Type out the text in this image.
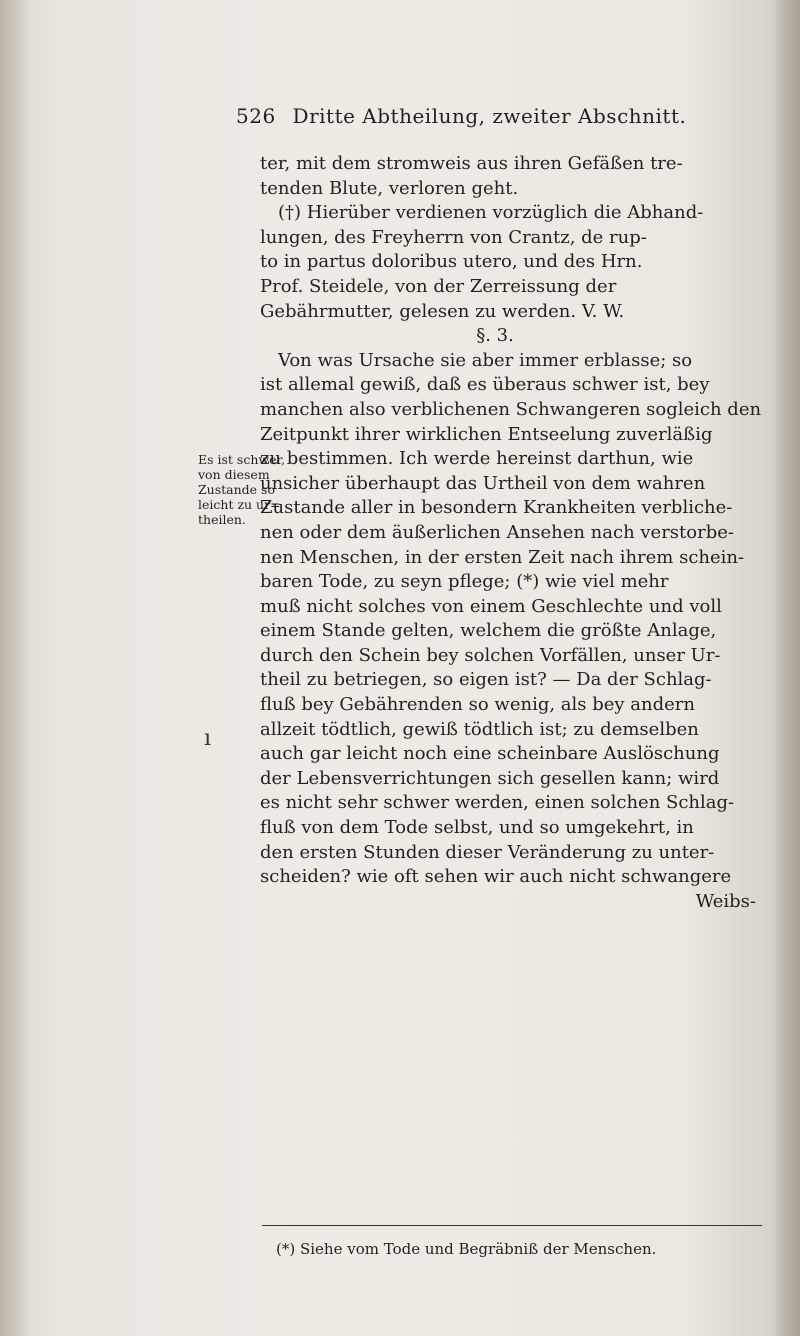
526 Dritte Abtheilung, zweiter Abschnitt.
Es ist schwer,
von diesem
Zustande so
leicht zu ur=
theilen.
ter, mit dem stromweis aus ihren Gefäßen tre-
tenden Blute, verloren geht.
(†) Hierüber verdienen vorzüglich die Abhand-
lungen, des Freyherrn von Crantz, de rup-
to in partus doloribus utero, und des Hrn.
Prof. Steidele, von der Zerreissung der
Gebährmutter, gelesen zu werden. V. W.
§. 3.
Von was Ursache sie aber immer erblasse; so
ist allemal gewiß, daß es überaus schwer ist, bey
manchen also verblichenen Schwangeren sogleich den
Zeitpunkt ihrer wirklichen Entseelung zuverläßig
zu bestimmen. Ich werde hereinst darthun, wie
unsicher überhaupt das Urtheil von dem wahren
Zustande aller in besondern Krankheiten verbliche-
nen oder dem äußerlichen Ansehen nach verstorbe-
nen Menschen, in der ersten Zeit nach ihrem schein-
baren Tode, zu seyn pflege; (*) wie viel mehr
muß nicht solches von einem Geschlechte und voll
einem Stande gelten, welchem die größte Anlage,
durch den Schein bey solchen Vorfällen, unser Ur-
theil zu betriegen, so eigen ist? — Da der Schlag-
fluß bey Gebährenden so wenig, als bey andern
allzeit tödtlich, gewiß tödtlich ist; zu demselben
auch gar leicht noch eine scheinbare Auslöschung
der Lebensverrichtungen sich gesellen kann; wird
es nicht sehr schwer werden, einen solchen Schlag-
fluß von dem Tode selbst, und so umgekehrt, in
den ersten Stunden dieser Veränderung zu unter-
scheiden? wie oft sehen wir auch nicht schwangere
Weibs-
(*) Siehe vom Tode und Begräbniß der Menschen.
ı
